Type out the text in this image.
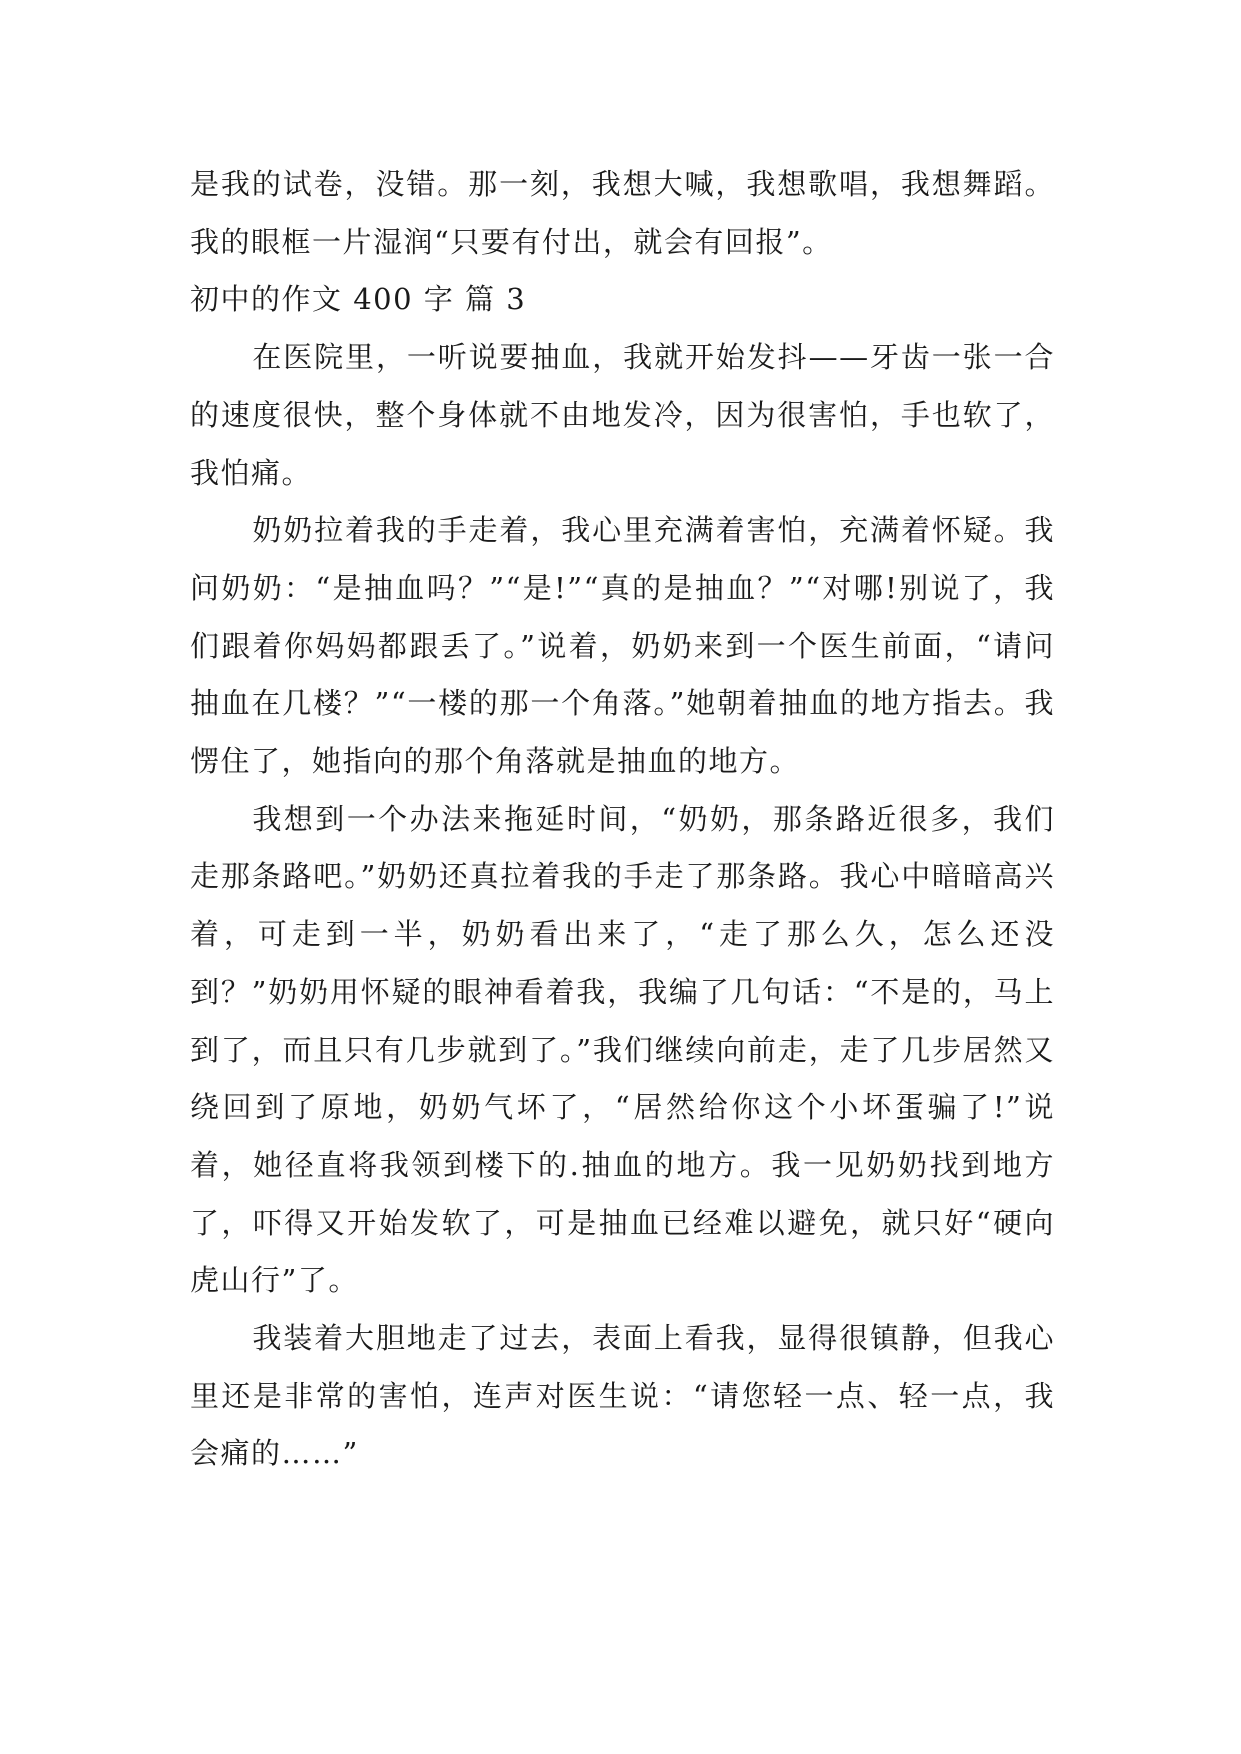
是我的试卷，没错。那一刻，我想大喊，我想歌唱，我想舞蹈。我的眼框一片湿润“只要有付出，就会有回报”。

初中的作文 400 字 篇 3

在医院里，一听说要抽血，我就开始发抖——牙齿一张一合的速度很快，整个身体就不由地发冷，因为很害怕，手也软了，我怕痛。

奶奶拉着我的手走着，我心里充满着害怕，充满着怀疑。我问奶奶：“是抽血吗？”“是!”“真的是抽血？”“对哪!别说了，我们跟着你妈妈都跟丢了。”说着，奶奶来到一个医生前面，“请问抽血在几楼？”“一楼的那一个角落。”她朝着抽血的地方指去。我愣住了，她指向的那个角落就是抽血的地方。

我想到一个办法来拖延时间，“奶奶，那条路近很多，我们走那条路吧。”奶奶还真拉着我的手走了那条路。我心中暗暗高兴着，可走到一半，奶奶看出来了，“走了那么久，怎么还没到？”奶奶用怀疑的眼神看着我，我编了几句话：“不是的，马上到了，而且只有几步就到了。”我们继续向前走，走了几步居然又绕回到了原地，奶奶气坏了，“居然给你这个小坏蛋骗了!”说着，她径直将我领到楼下的.抽血的地方。我一见奶奶找到地方了，吓得又开始发软了，可是抽血已经难以避免，就只好“硬向虎山行”了。

我装着大胆地走了过去，表面上看我，显得很镇静，但我心里还是非常的害怕，连声对医生说：“请您轻一点、轻一点，我会痛的……”
